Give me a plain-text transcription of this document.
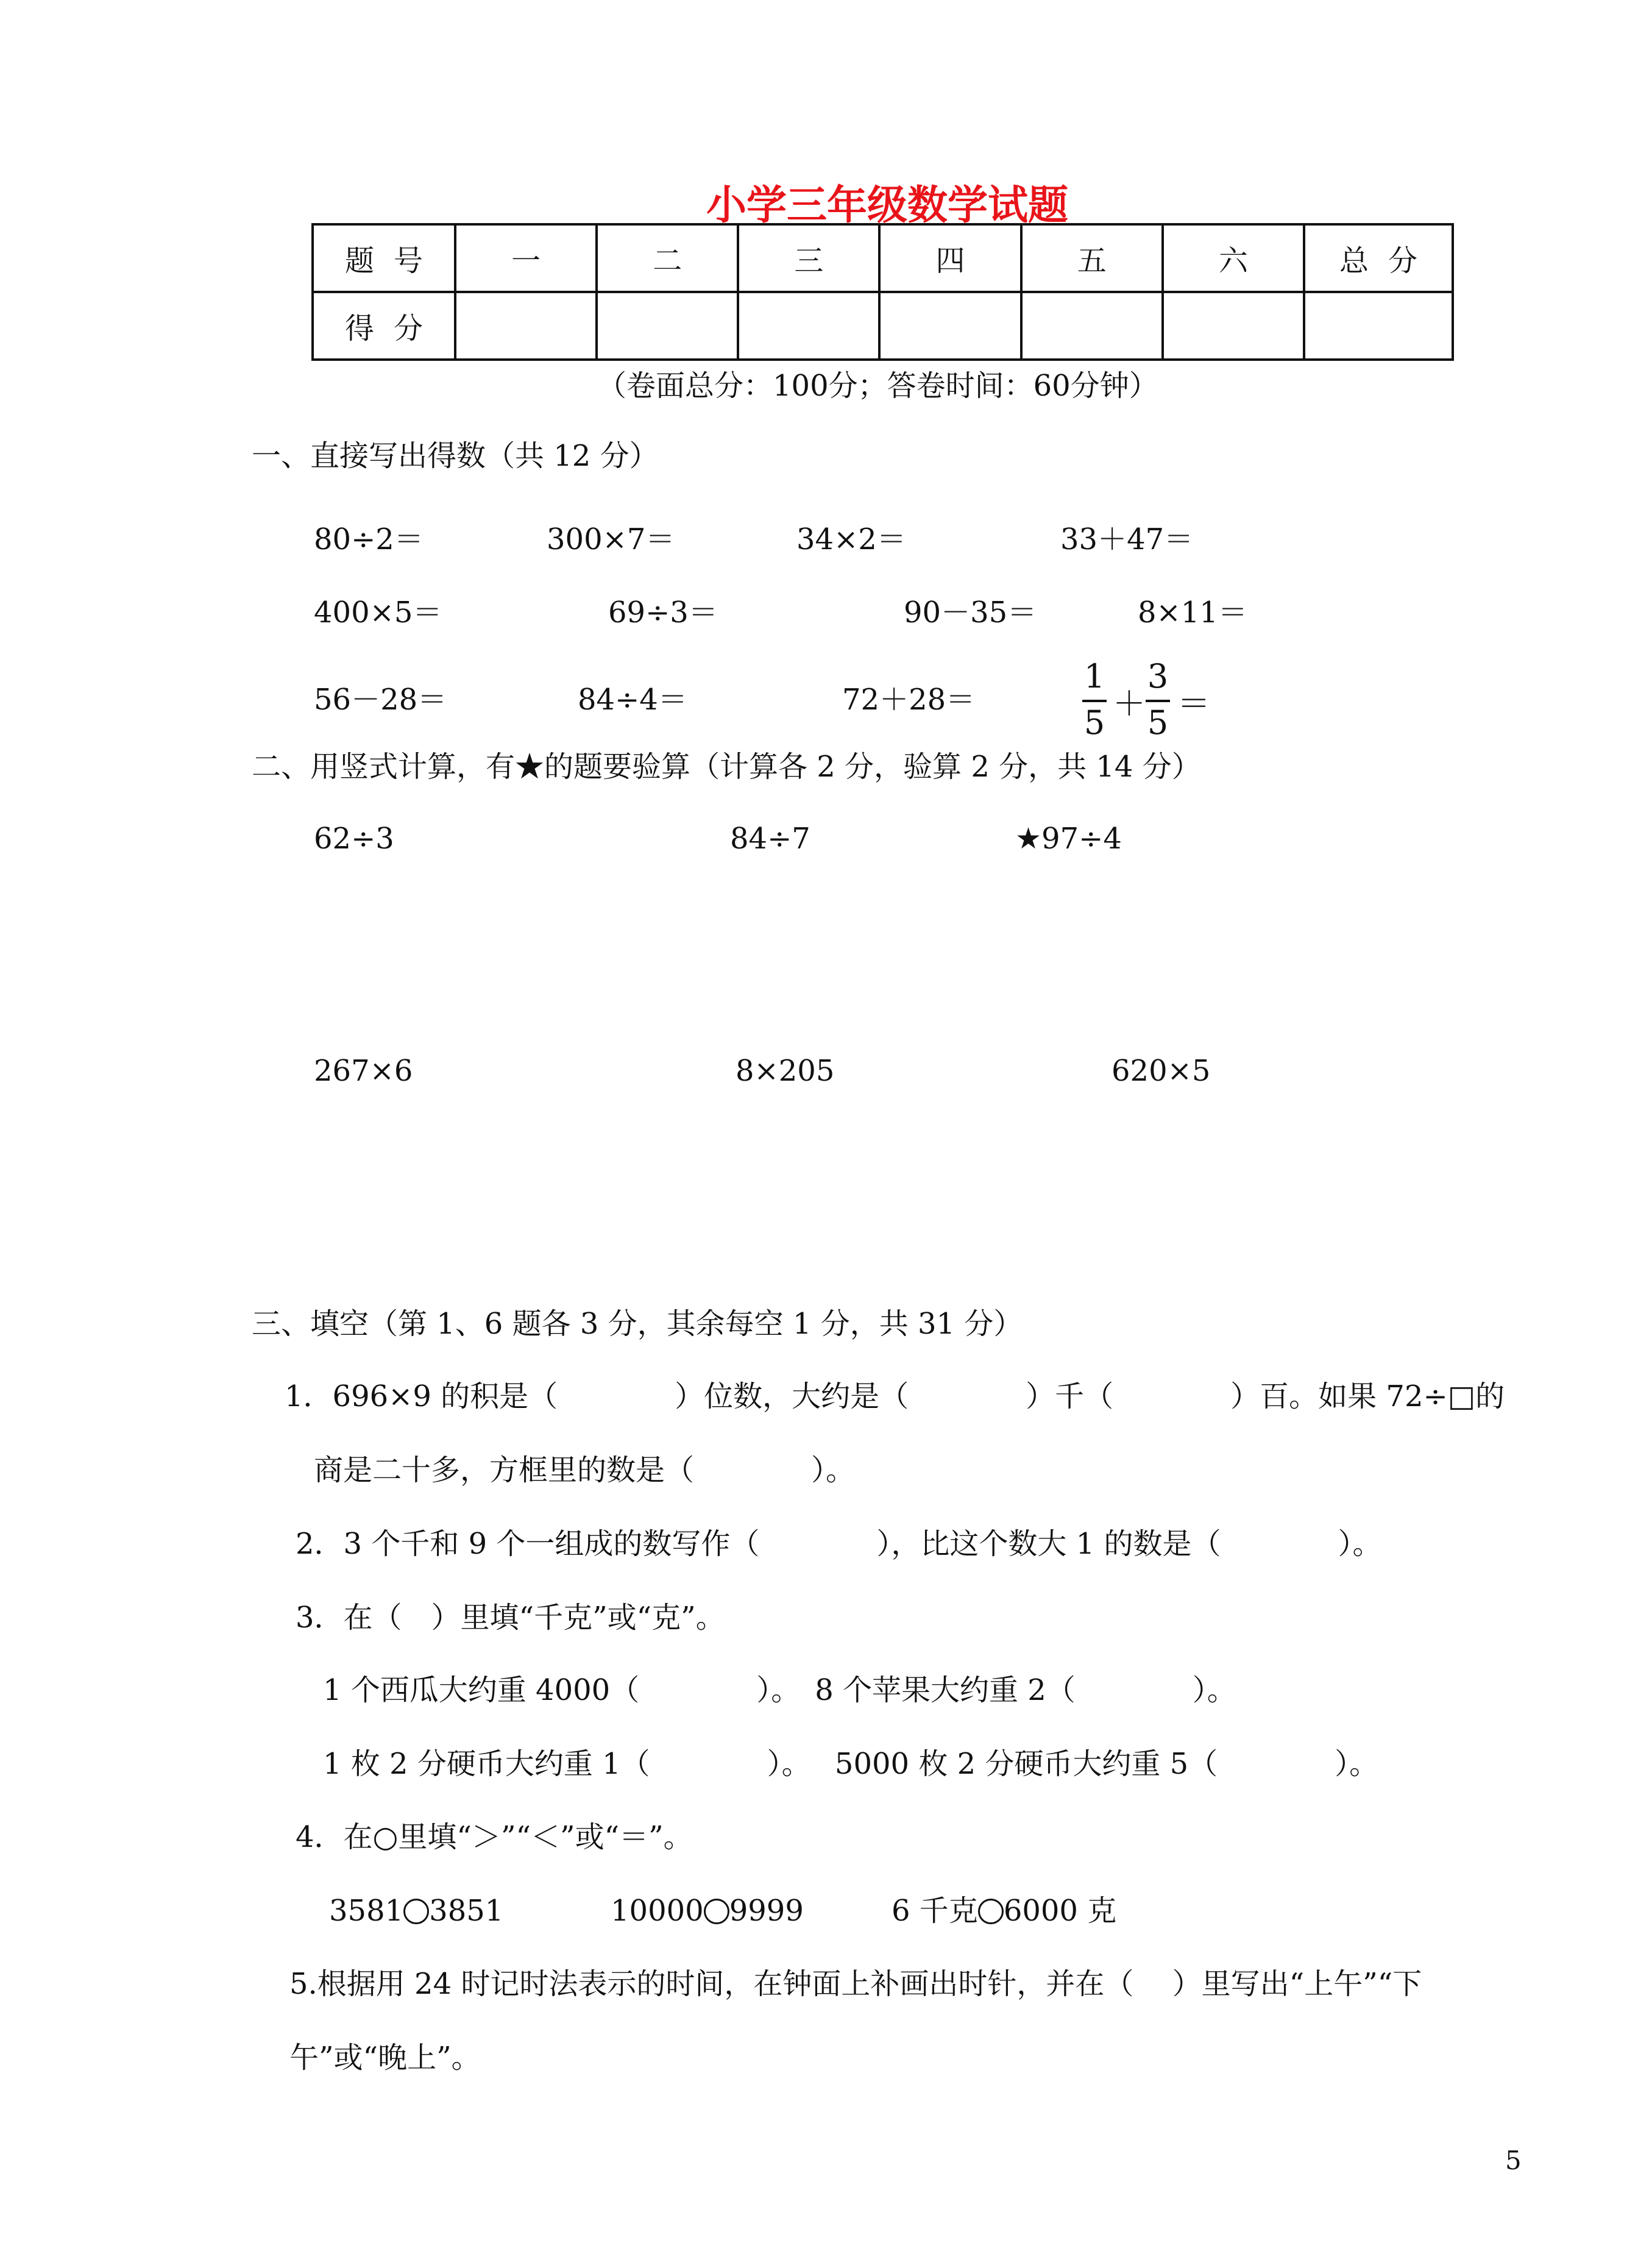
小学三年级数学试题
题号	一	二	三	四	五	六	总分
得分							
（卷面总分：100分；答卷时间：60分钟）
一、直接写出得数（共 12 分）
80÷2＝	300×7＝	34×2＝	33＋47＝
400×5＝	69÷3＝	90－35＝	8×11＝
56－28＝	84÷4＝	72＋28＝
1
5 ＋
3
5 ＝
二、用竖式计算，有★的题要验算（计算各 2 分，验算 2 分，共 14 分）
62÷3	84÷7	★97÷4
267×6	8×205	620×5
三、填空（第 1、6 题各 3 分，其余每空 1 分，共 31 分）
1．696×9 的积是（　　　　）位数，大约是（　　　　）千（　　　　）百。如果 72÷□的
商是二十多，方框里的数是（　　　　）。
2．3 个千和 9 个一组成的数写作（　　　　），比这个数大 1 的数是（　　　　）。
3．在（　）里填“千克”或“克”。
1 个西瓜大约重 4000（　　　　）。　8 个苹果大约重 2（　　　　）。
1 枚 2 分硬币大约重 1（　　　　）。　 5000 枚 2 分硬币大约重 5（　　　　）。
4．在○里填“＞”“＜”或“＝”。
3581 3851	10000 9999	6 千克 6000 克
5.根据用 24 时记时法表示的时间，在钟面上补画出时针，并在（　 ）里写出“上午”“下
午”或“晚上”。
5
